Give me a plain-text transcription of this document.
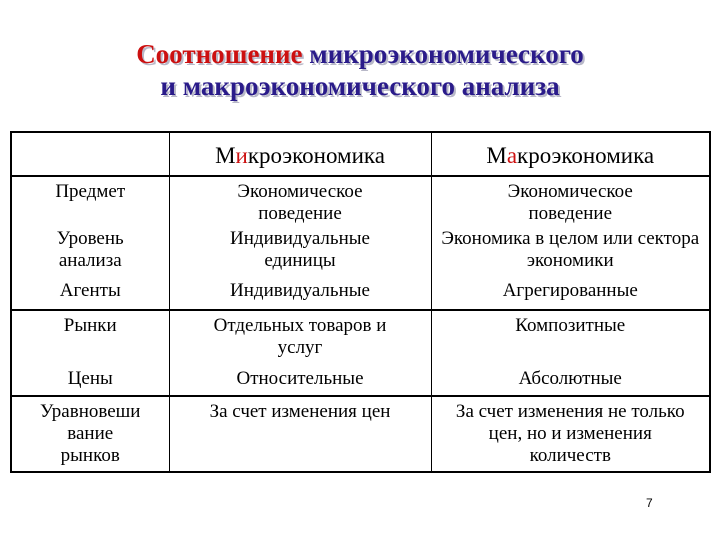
Соотношение микроэкономического
и макроэкономического анализа
	Микроэкономика	Макроэкономика
Предмет	Экономическое поведение	Экономическое поведение
Уровень анализа	Индивидуальные единицы	Экономика в целом или сектора экономики
Агенты	Индивидуальные	Агрегированные
Рынки	Отдельных товаров и услуг	Композитные
Цены	Относительные	Абсолютные
Уравновеши вание рынков	За счет изменения цен	За счет изменения не только цен, но и изменения количеств
7
